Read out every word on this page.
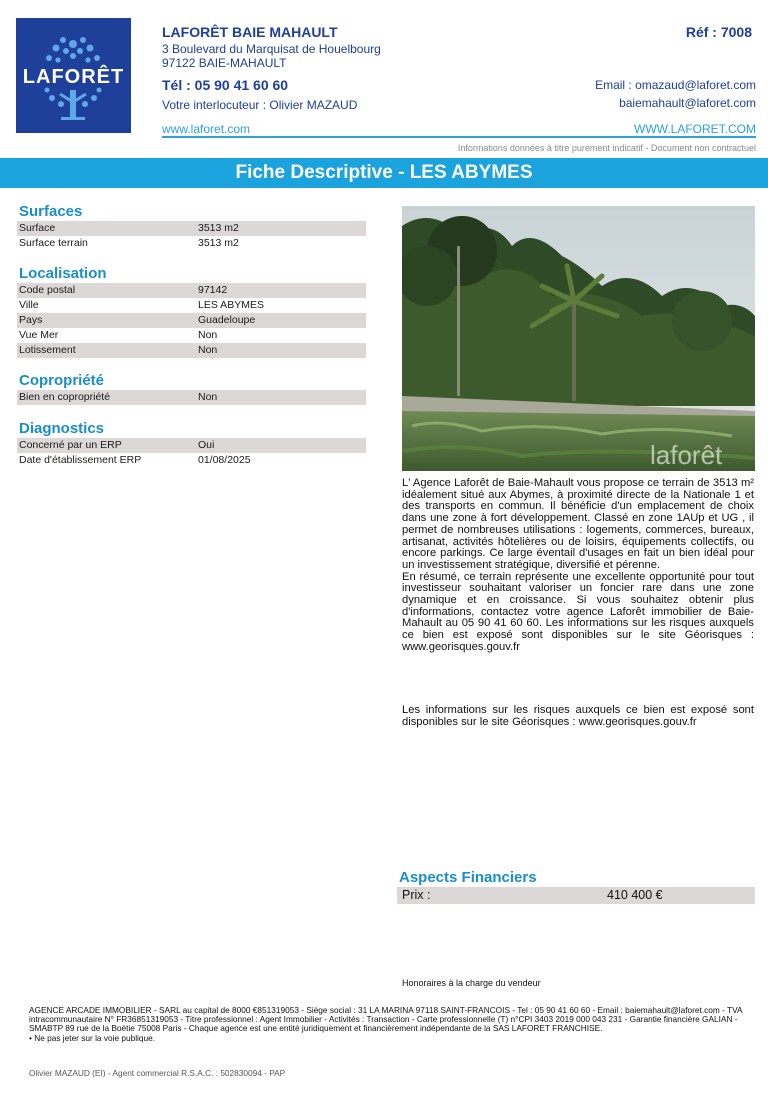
LAFORÊT
LAFORÊT BAIE MAHAULT
3 Boulevard du Marquisat de Houelbourg
97122 BAIE-MAHAULT
Tél : 05 90 41 60 60
Votre interlocuteur : Olivier MAZAUD
Réf : 7008
Email : omazaud@laforet.com
baiemahault@laforet.com
www.laforet.com	WWW.LAFORET.COM
Informations données à titre purement indicatif - Document non contractuel
Fiche Descriptive - LES ABYMES
Surfaces
Surface	3513 m2
Surface terrain	3513 m2
Localisation
Code postal	97142
Ville	LES ABYMES
Pays	Guadeloupe
Vue Mer	Non
Lotissement	Non
Copropriété
Bien en copropriété	Non
Diagnostics
Concerné par un ERP	Oui
Date d'établissement ERP	01/08/2025	laforêt

L' Agence Laforêt de Baie-Mahault vous propose ce terrain de 3513 m² idéalement situé aux Abymes, à proximité directe de la Nationale 1 et des transports en commun. Il bénéficie d'un emplacement de choix dans une zone à fort développement. Classé en zone 1AUp et UG , il permet de nombreuses utilisations : logements, commerces, bureaux, artisanat, activités hôtelières ou de loisirs, équipements collectifs, ou encore parkings. Ce large éventail d'usages en fait un bien idéal pour un investissement stratégique, diversifié et pérenne.

En résumé, ce terrain représente une excellente opportunité pour tout investisseur souhaitant valoriser un foncier rare dans une zone dynamique et en croissance. Si vous souhaitez obtenir plus d'informations, contactez votre agence Laforêt immobilier de Baie-Mahault au 05 90 41 60 60. Les informations sur les risques auxquels ce bien est exposé sont disponibles sur le site Géorisques : www.georisques.gouv.fr

Les informations sur les risques auxquels ce bien est exposé sont disponibles sur le site Géorisques : www.georisques.gouv.fr
Aspects Financiers
Prix :	410 400 €
Honoraires à la charge du vendeur
AGENCE ARCADE IMMOBILIER - SARL au capital de 8000 €851319053 - Siège social : 31 LA MARINA 97118 SAINT-FRANCOIS - Tel : 05 90 41 60 60 - Email : baiemahault@laforet.com - TVA intracommunautaire N° FR36851319053 - Titre professionnel : Agent Immobilier - Activités : Transaction - Carte professionnelle (T) n°CPI 3403 2019 000 043 231 - Garantie financière GALIAN - SMABTP 89 rue de la Boétie 75008 Paris - Chaque agence est une entité juridiquement et financièrement indépendante de la SAS LAFORET FRANCHISE.
• Ne pas jeter sur la voie publique.
Olivier MAZAUD (EI) - Agent commercial R.S.A.C. : 502830094 - PAP
